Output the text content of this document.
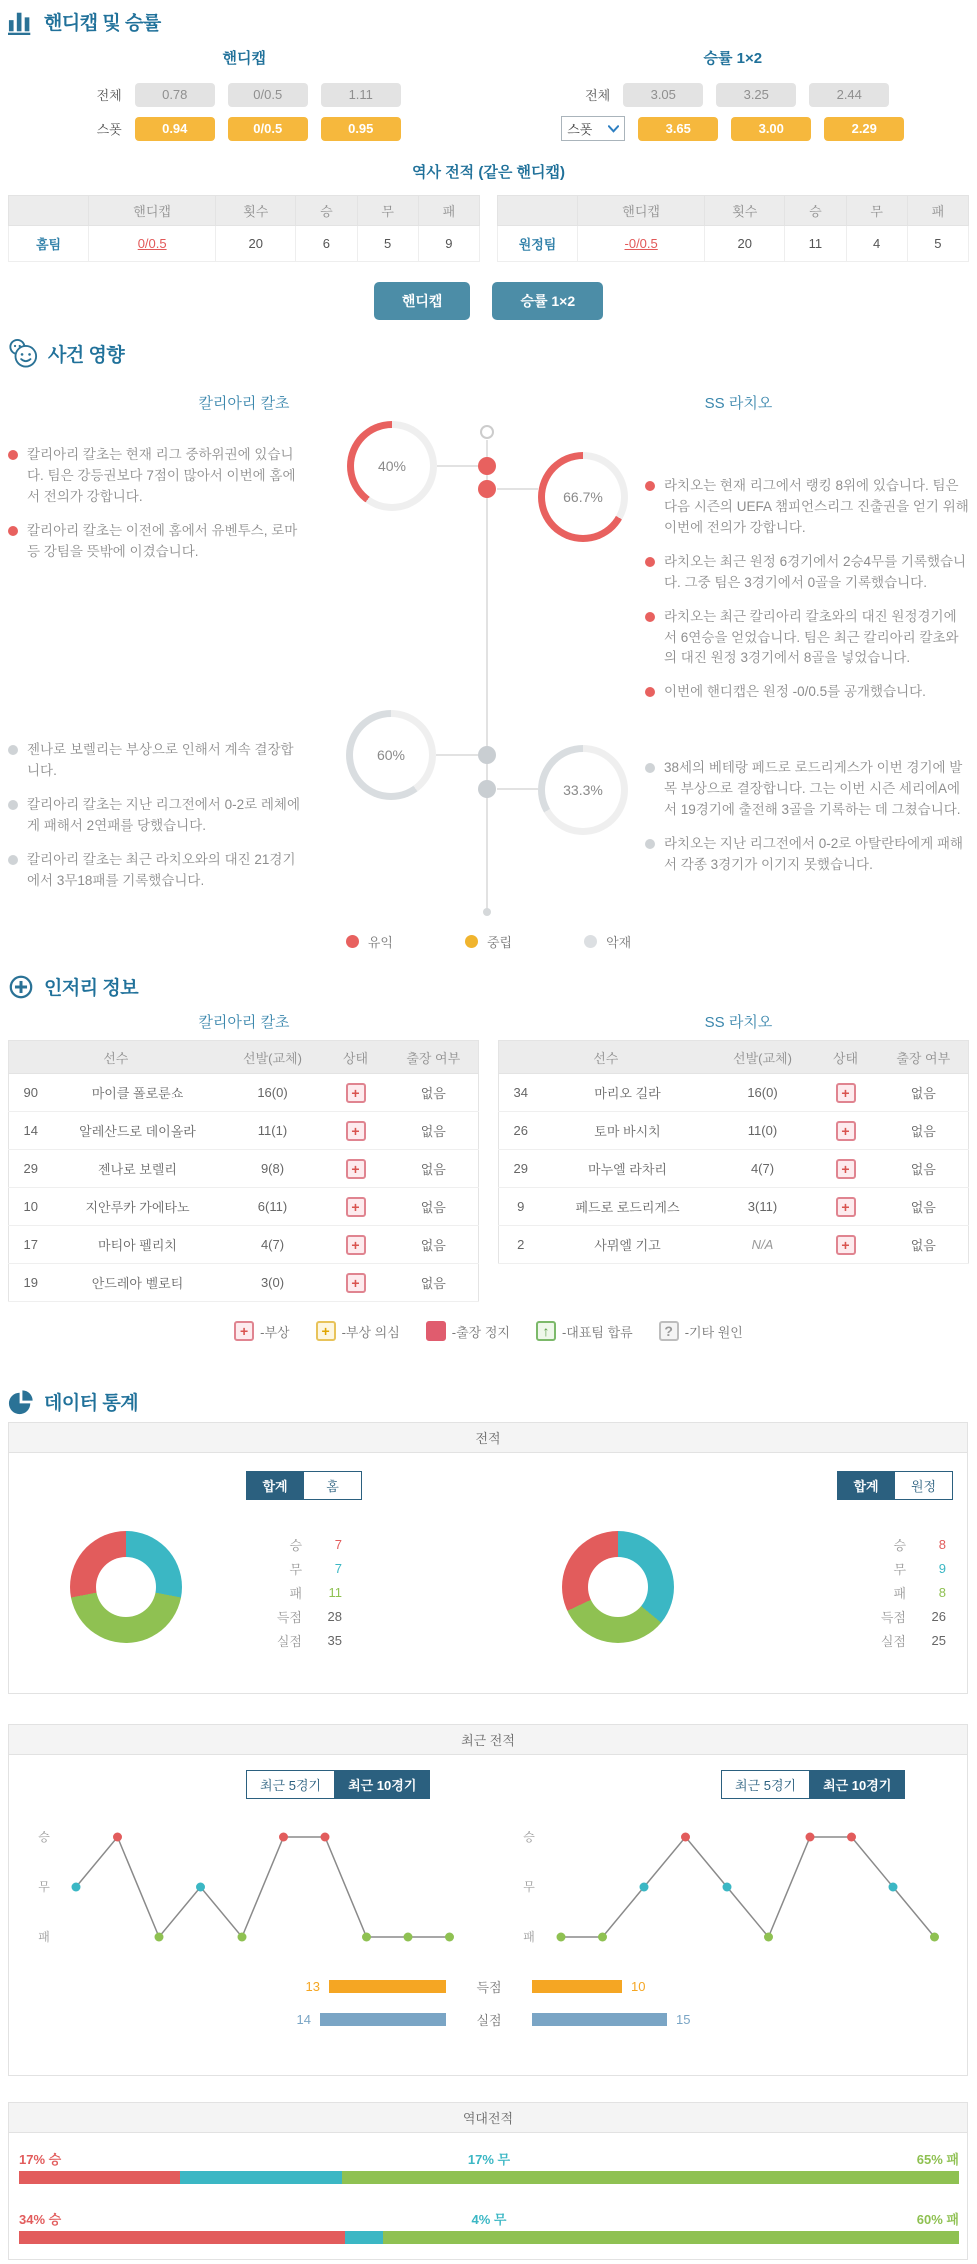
핸디캡 및 승률
핸디캡
전체	0.78	0/0.5	1.11
스폿	0.94	0/0.5	0.95
승률 1×2
전체	3.05	3.25	2.44
스폿	3.65	3.00	2.29
역사 전적 (같은 핸디캡)
	핸디캡	횟수	승	무	패
홈팀	0/0.5	20	6	5	9
	핸디캡	횟수	승	무	패
원정팀	-0/0.5	20	11	4	5
핸디캡	승률 1×2
사건 영향
칼리아리 칼초	SS 라치오
칼리아리 칼초는 현재 리그 중하위권에 있습니다. 팀은 강등권보다 7점이 많아서 이번에 홈에서 전의가 강합니다.
칼리아리 칼초는 이전에 홈에서 유벤투스, 로마 등 강팀을 뜻밖에 이겼습니다.
라치오는 현재 리그에서 랭킹 8위에 있습니다. 팀은 다음 시즌의 UEFA 챔피언스리그 진출권을 얻기 위해 이번에 전의가 강합니다.
라치오는 최근 원정 6경기에서 2승4무를 기록했습니다. 그중 팀은 3경기에서 0골을 기록했습니다.
라치오는 최근 칼리아리 칼초와의 대진 원정경기에서 6연승을 얻었습니다. 팀은 최근 칼리아리 칼초와의 대진 원정 3경기에서 8골을 넣었습니다.
이번에 핸디캡은 원정 -0/0.5를 공개했습니다.
젠나로 보렐리는 부상으로 인해서 계속 결장합니다.
칼리아리 칼초는 지난 리그전에서 0-2로 레체에게 패해서 2연패를 당했습니다.
칼리아리 칼초는 최근 라치오와의 대진 21경기에서 3무18패를 기록했습니다.
38세의 베테랑 페드로 로드리게스가 이번 경기에 발목 부상으로 결장합니다. 그는 이번 시즌 세리에A에서 19경기에 출전해 3골을 기록하는 데 그쳤습니다.
라치오는 지난 리그전에서 0-2로 아탈란타에게 패해서 각종 3경기가 이기지 못했습니다.
40%
66.7%
60%
33.3%
유익	중립	악재
인저리 정보
칼리아리 칼초	SS 라치오
선수		선발(교체)	상태	출장 여부
90	마이클 폴로룬쇼	16(0)	+	없음
14	알레산드로 데이올라	11(1)	+	없음
29	젠나로 보렐리	9(8)	+	없음
10	지안루카 가에타노	6(11)	+	없음
17	마티아 펠리치	4(7)	+	없음
19	안드레아 벨로티	3(0)	+	없음
선수		선발(교체)	상태	출장 여부
34	마리오 길라	16(0)	+	없음
26	토마 바시치	11(0)	+	없음
29	마누엘 라차리	4(7)	+	없음
9	페드로 로드리게스	3(11)	+	없음
2	사뮈엘 기고	N/A	+	없음
+ -부상	+ -부상 의심	-출장 정지	↑ -대표팀 합류	? -기타 원인
데이터 통계
전적
합계	홈	합계	원정
승	7
무	7
패	11
득점	28
실점	35
승	8
무	9
패	8
득점	26
실점	25
최근 전적
최근 5경기	최근 10경기	최근 5경기	최근 10경기
승
무
패
승
무
패
13	득점	10
14	실점	15
역대전적
17% 승	17% 무	65% 패
34% 승	4% 무	60% 패
